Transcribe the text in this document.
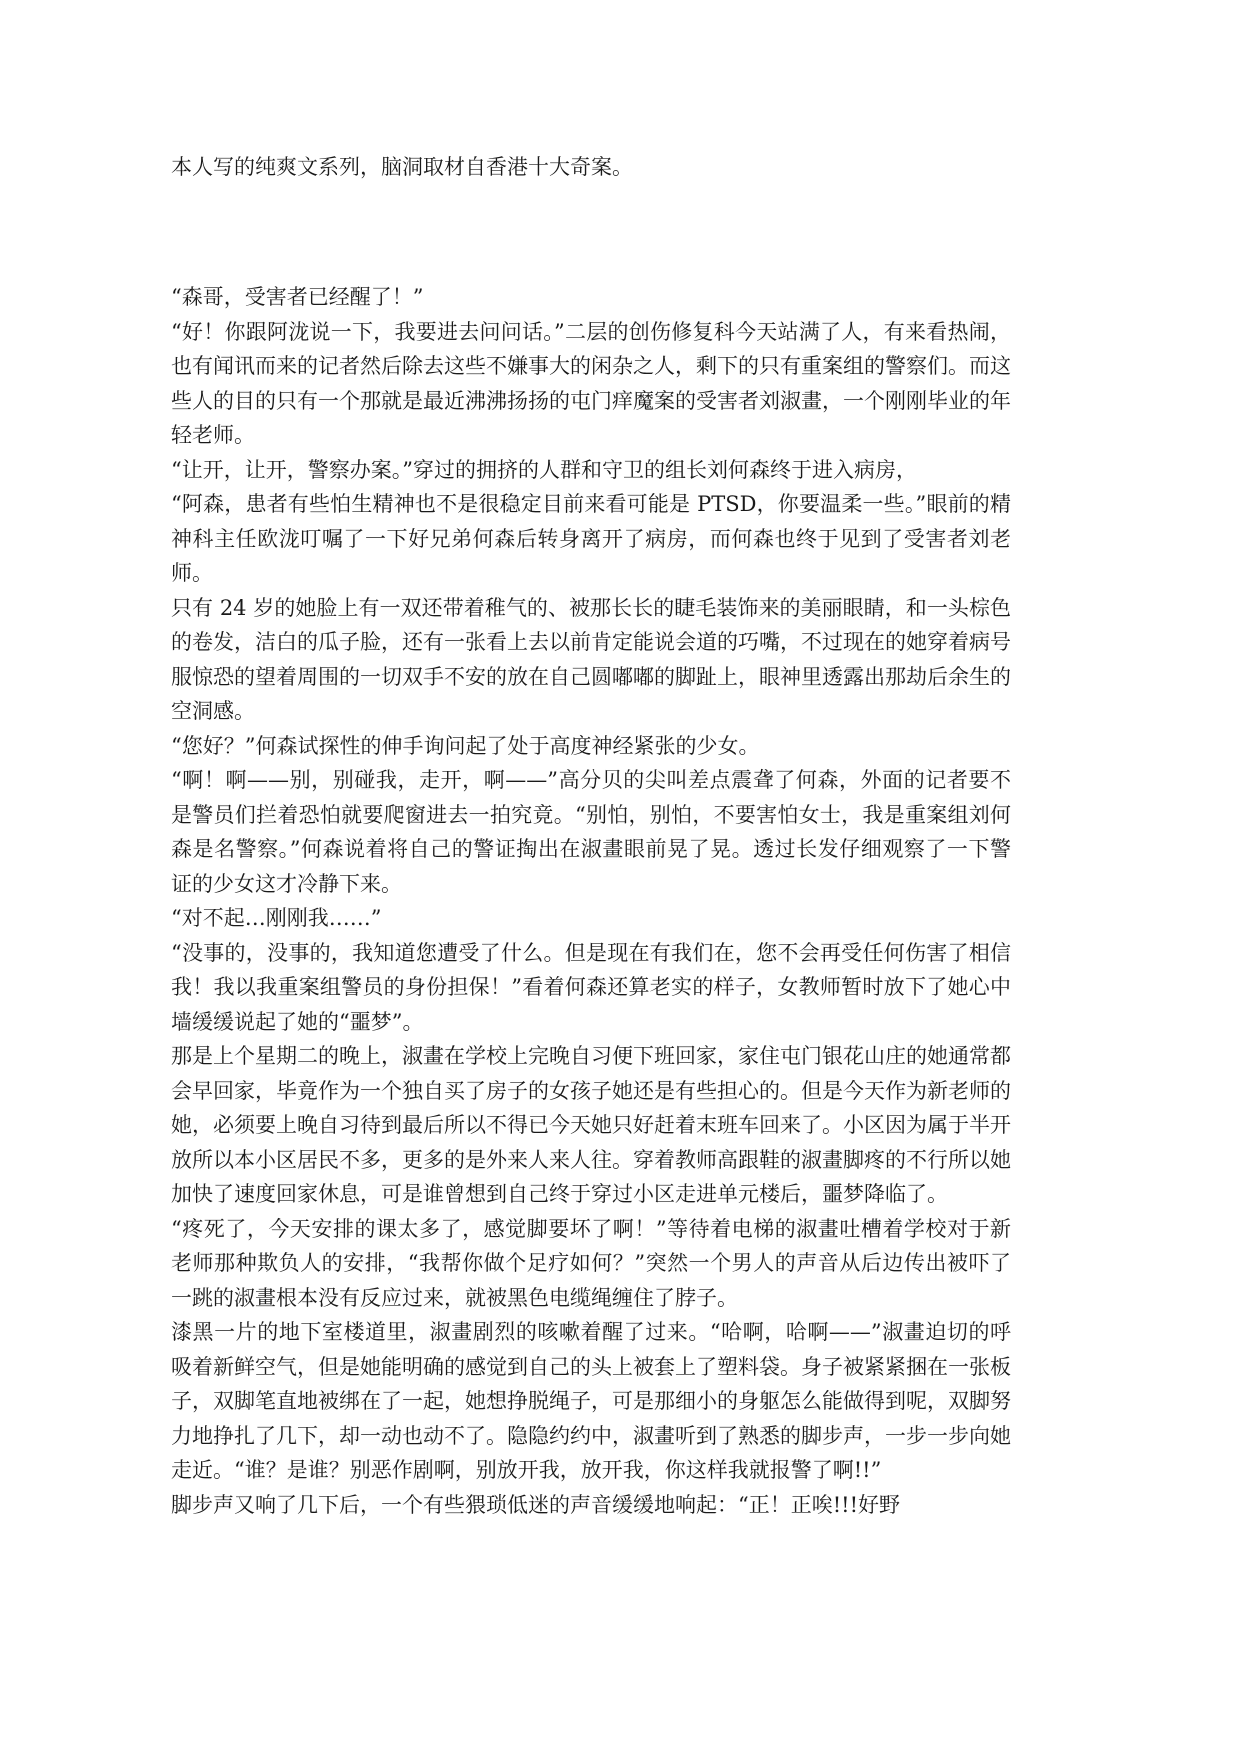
本人写的纯爽文系列，脑洞取材自香港十大奇案。

“森哥，受害者已经醒了！”

“好！你跟阿泷说一下，我要进去问问话。”二层的创伤修复科今天站满了人，有来看热闹，也有闻讯而来的记者然后除去这些不嫌事大的闲杂之人，剩下的只有重案组的警察们。而这些人的目的只有一个那就是最近沸沸扬扬的屯门痒魔案的受害者刘淑畫，一个刚刚毕业的年轻老师。

“让开，让开，警察办案。”穿过的拥挤的人群和守卫的组长刘何森终于进入病房，

“阿森，患者有些怕生精神也不是很稳定目前来看可能是 PTSD，你要温柔一些。”眼前的精神科主任欧泷叮嘱了一下好兄弟何森后转身离开了病房，而何森也终于见到了受害者刘老师。

只有 24 岁的她脸上有一双还带着稚气的、被那长长的睫毛装饰来的美丽眼睛，和一头棕色的卷发，洁白的瓜子脸，还有一张看上去以前肯定能说会道的巧嘴，不过现在的她穿着病号服惊恐的望着周围的一切双手不安的放在自己圆嘟嘟的脚趾上，眼神里透露出那劫后余生的空洞感。

“您好？”何森试探性的伸手询问起了处于高度神经紧张的少女。

“啊！啊——别，别碰我，走开，啊——”高分贝的尖叫差点震聋了何森，外面的记者要不是警员们拦着恐怕就要爬窗进去一拍究竟。“别怕，别怕，不要害怕女士，我是重案组刘何森是名警察。”何森说着将自己的警证掏出在淑畫眼前晃了晃。透过长发仔细观察了一下警证的少女这才冷静下来。

“对不起…刚刚我……”

“没事的，没事的，我知道您遭受了什么。但是现在有我们在，您不会再受任何伤害了相信我！我以我重案组警员的身份担保！”看着何森还算老实的样子，女教师暂时放下了她心中墙缓缓说起了她的“噩梦”。

那是上个星期二的晚上，淑畫在学校上完晚自习便下班回家，家住屯门银花山庄的她通常都会早回家，毕竟作为一个独自买了房子的女孩子她还是有些担心的。但是今天作为新老师的她，必须要上晚自习待到最后所以不得已今天她只好赶着末班车回来了。小区因为属于半开放所以本小区居民不多，更多的是外来人来人往。穿着教师高跟鞋的淑畫脚疼的不行所以她加快了速度回家休息，可是谁曾想到自己终于穿过小区走进单元楼后，噩梦降临了。

“疼死了，今天安排的课太多了，感觉脚要坏了啊！”等待着电梯的淑畫吐槽着学校对于新老师那种欺负人的安排，“我帮你做个足疗如何？”突然一个男人的声音从后边传出被吓了一跳的淑畫根本没有反应过来，就被黑色电缆绳缠住了脖子。

漆黑一片的地下室楼道里，淑畫剧烈的咳嗽着醒了过来。“哈啊，哈啊——”淑畫迫切的呼吸着新鲜空气，但是她能明确的感觉到自己的头上被套上了塑料袋。身子被紧紧捆在一张板子，双脚笔直地被绑在了一起，她想挣脱绳子，可是那细小的身躯怎么能做得到呢，双脚努力地挣扎了几下，却一动也动不了。隐隐约约中，淑畫听到了熟悉的脚步声，一步一步向她走近。“谁？是谁？别恶作剧啊，别放开我，放开我，你这样我就报警了啊!!”

脚步声又响了几下后，一个有些猥琐低迷的声音缓缓地响起：“正！正唉!!!好野
